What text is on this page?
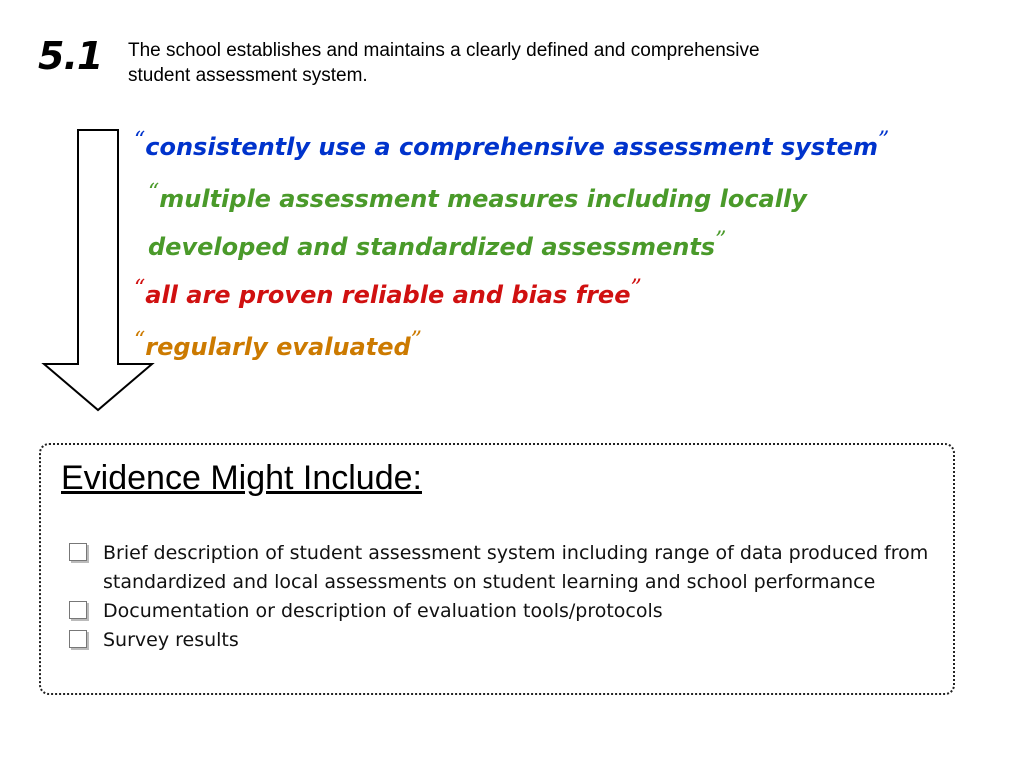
5.1 The school establishes and maintains a clearly defined and comprehensive
student assessment system.
“consistently use a comprehensive assessment system”
“multiple assessment measures including locally
developed and standardized assessments”
“all are proven reliable and bias free”
“regularly evaluated”
Evidence Might Include:
Brief description of student assessment system including range of data produced from
standardized and local assessments on student learning and school performance
Documentation or description of evaluation tools/protocols
Survey results
